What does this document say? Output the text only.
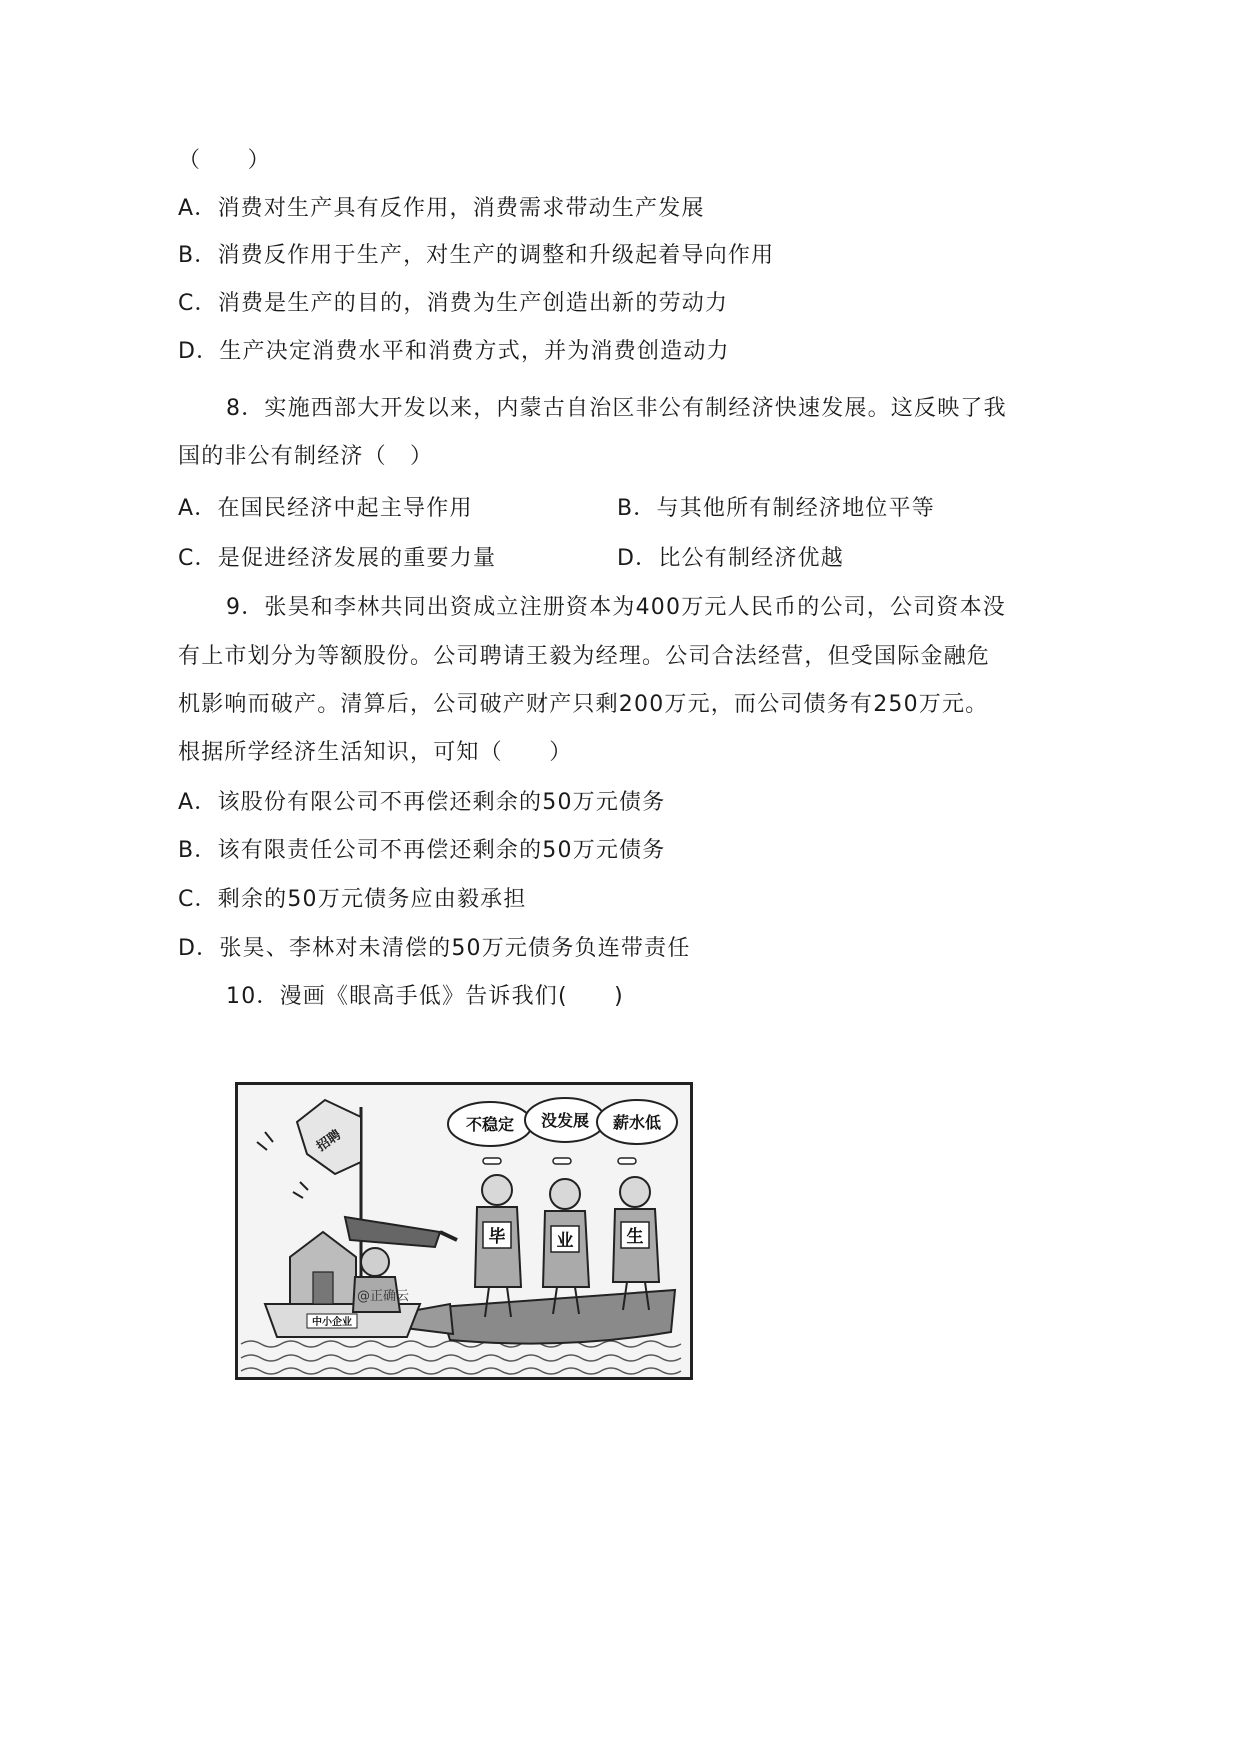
（　　）
A．消费对生产具有反作用，消费需求带动生产发展
B．消费反作用于生产，对生产的调整和升级起着导向作用
C．消费是生产的目的，消费为生产创造出新的劳动力
D．生产决定消费水平和消费方式，并为消费创造动力
8．实施西部大开发以来，内蒙古自治区非公有制经济快速发展。这反映了我
国的非公有制经济（　）
A．在国民经济中起主导作用	B．与其他所有制经济地位平等
C．是促进经济发展的重要力量	D．比公有制经济优越
9．张昊和李林共同出资成立注册资本为400万元人民币的公司，公司资本没
有上市划分为等额股份。公司聘请王毅为经理。公司合法经营，但受国际金融危
机影响而破产。清算后，公司破产财产只剩200万元，而公司债务有250万元。
根据所学经济生活知识，可知（　　）
A．该股份有限公司不再偿还剩余的50万元债务
B．该有限责任公司不再偿还剩余的50万元债务
C．剩余的50万元债务应由毅承担
D．张昊、李林对未清偿的50万元债务负连带责任
10．漫画《眼高手低》告诉我们(　　)
中小企业
招聘
@正确云
不稳定 没发展 薪水低
毕	业	生
